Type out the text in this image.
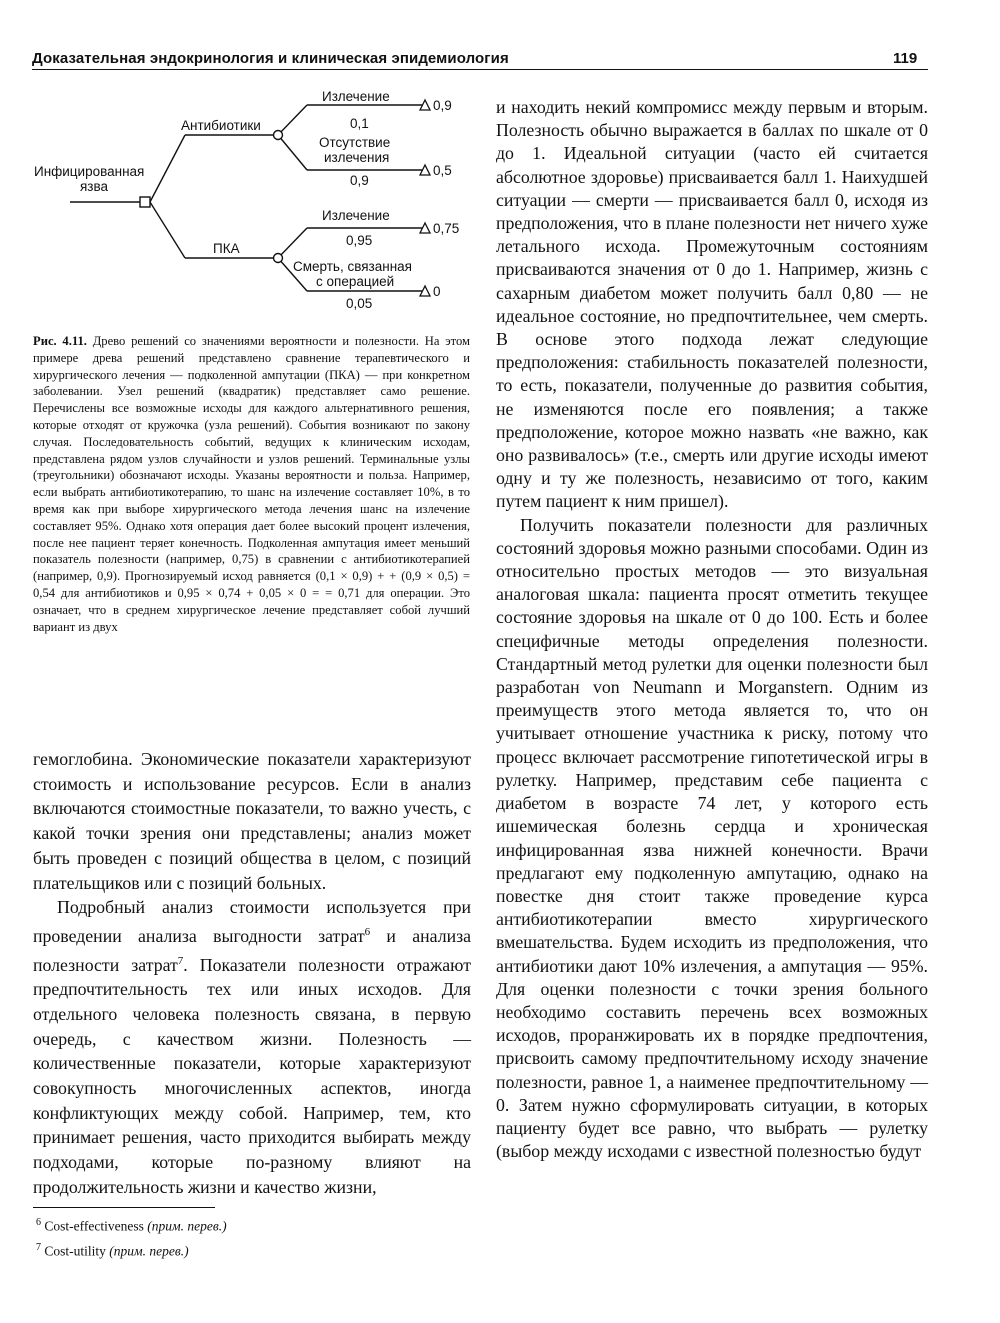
Доказательная эндокринология и клиническая эпидемиология	119
Инфицированная
язва
Антибиотики
ПКА
Излечение
0,1
0,9
Отсутствие
излечения
0,9
0,5
Излечение
0,95
0,75
Смерть, связанная
с операцией
0,05
0
Рис. 4.11. Древо решений со значениями вероятности и полезности. На этом примере древа решений представлено сравнение терапевтического и хирургического лечения — подколенной ампутации (ПКА) — при конкретном заболевании. Узел решений (квадратик) представляет само решение. Перечислены все возможные исходы для каждого альтернативного решения, которые отходят от кружочка (узла решений). События возникают по закону случая. Последовательность событий, ведущих к клиническим исходам, представлена рядом узлов случайности и узлов решений. Терминальные узлы (треугольники) обозначают исходы. Указаны вероятности и польза. Например, если выбрать антибиотикотерапию, то шанс на излечение составляет 10%, в то время как при выборе хирургического метода лечения шанс на излечение составляет 95%. Однако хотя операция дает более высокий процент излечения, после нее пациент теряет конечность. Подколенная ампутация имеет меньший показатель полезности (например, 0,75) в сравнении с антибиотикотерапией (например, 0,9). Прогнозируемый исход равняется (0,1 × 0,9) + + (0,9 × 0,5) = 0,54 для антибиотиков и 0,95 × 0,74 + 0,05 × 0 = = 0,71 для операции. Это означает, что в среднем хирургическое лечение представляет собой лучший вариант из двух

гемоглобина. Экономические показатели характеризуют стоимость и использование ресурсов. Если в анализ включаются стоимостные показатели, то важно учесть, с какой точки зрения они представлены; анализ может быть проведен с позиций общества в целом, с позиций плательщиков или с позиций больных.

Подробный анализ стоимости используется при проведении анализа выгодности затрат$^6$ и анализа полезности затрат$^7$. Показатели полезности отражают предпочтительность тех или иных исходов. Для отдельного человека полезность связана, в первую очередь, с качеством жизни. Полезность — количественные показатели, которые характеризуют совокупность многочисленных аспектов, иногда конфликтующих между собой. Например, тем, кто принимает решения, часто приходится выбирать между подходами, которые по-разному влияют на продолжительность жизни и качество жизни,

и находить некий компромисс между первым и вторым. Полезность обычно выражается в баллах по шкале от 0 до 1. Идеальной ситуации (часто ей считается абсолютное здоровье) присваивается балл 1. Наихудшей ситуации — смерти — присваивается балл 0, исходя из предположения, что в плане полезности нет ничего хуже летального исхода. Промежуточным состояниям присваиваются значения от 0 до 1. Например, жизнь с сахарным диабетом может получить балл 0,80 — не идеальное состояние, но предпочтительнее, чем смерть. В основе этого подхода лежат следующие предположения: стабильность показателей полезности, то есть, показатели, полученные до развития события, не изменяются после его появления; а также предположение, которое можно назвать «не важно, как оно развивалось» (т.е., смерть или другие исходы имеют одну и ту же полезность, независимо от того, каким путем пациент к ним пришел).

Получить показатели полезности для различных состояний здоровья можно разными способами. Один из относительно простых методов — это визуальная аналоговая шкала: пациента просят отметить текущее состояние здоровья на шкале от 0 до 100. Есть и более специфичные методы определения полезности. Стандартный метод рулетки для оценки полезности был разработан von Neumann и Morganstern. Одним из преимуществ этого метода является то, что он учитывает отношение участника к риску, потому что процесс включает рассмотрение гипотетической игры в рулетку. Например, представим себе пациента с диабетом в возрасте 74 лет, у которого есть ишемическая болезнь сердца и хроническая инфицированная язва нижней конечности. Врачи предлагают ему подколенную ампутацию, однако на повестке дня стоит также проведение курса антибиотикотерапии вместо хирургического вмешательства. Будем исходить из предположения, что антибиотики дают 10% излечения, а ампутация — 95%. Для оценки полезности с точки зрения больного необходимо составить перечень всех возможных исходов, проранжировать их в порядке предпочтения, присвоить самому предпочтительному исходу значение полезности, равное 1, а наименее предпочтительному — 0. Затем нужно сформулировать ситуации, в которых пациенту будет все равно, что выбрать — рулетку (выбор между исходами с известной полезностью будут

$^6$ Cost-effectiveness (прим. перев.)

$^7$ Cost-utility (прим. перев.)
